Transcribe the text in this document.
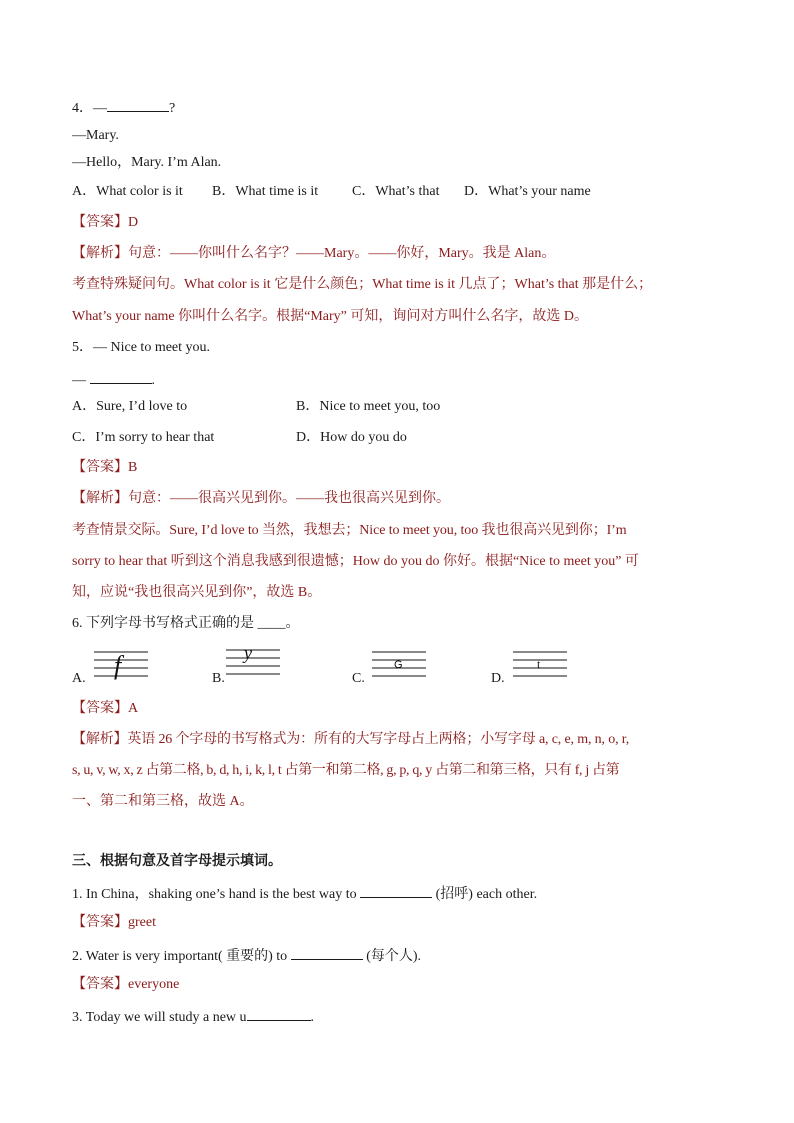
4．—	?
—Mary.
—Hello，Mary. I’m Alan.
A．What color is it B．What time is it C．What’s that D．What’s your name
【答案】D
【解析】句意：——你叫什么名字？——Mary。——你好，Mary。我是 Alan。
考查特殊疑问句。What color is it 它是什么颜色；What time is it 几点了；What’s that 那是什么；
What’s your name 你叫什么名字。根据“Mary” 可知，询问对方叫什么名字，故选 D。
5．— Nice to meet you.
—	.
A．Sure, I’d love to	B．Nice to meet you, too
C．I’m sorry to hear that	D．How do you do
【答案】B
【解析】句意：——很高兴见到你。——我也很高兴见到你。
考查情景交际。Sure, I’d love to 当然，我想去；Nice to meet you, too 我也很高兴见到你；I’m
sorry to hear that 听到这个消息我感到很遗憾；How do you do 你好。根据“Nice to meet you” 可
知，应说“我也很高兴见到你”，故选 B。
6. 下列字母书写格式正确的是 ____。
A. f	B.
y
C.
G
D.
t
【答案】A
【解析】英语 26 个字母的书写格式为：所有的大写字母占上两格；小写字母 a, c, e, m, n, o, r,
s, u, v, w, x, z 占第二格, b, d, h, i, k, l, t 占第一和第二格, g, p, q, y 占第二和第三格，只有 f, j 占第
一、第二和第三格，故选 A。
三、根据句意及首字母提示填词。
1. In China，shaking one’s hand is the best way to	(招呼) each other.
【答案】greet
2. Water is very important( 重要的) to	(每个人).
【答案】everyone
3. Today we will study a new u	.
